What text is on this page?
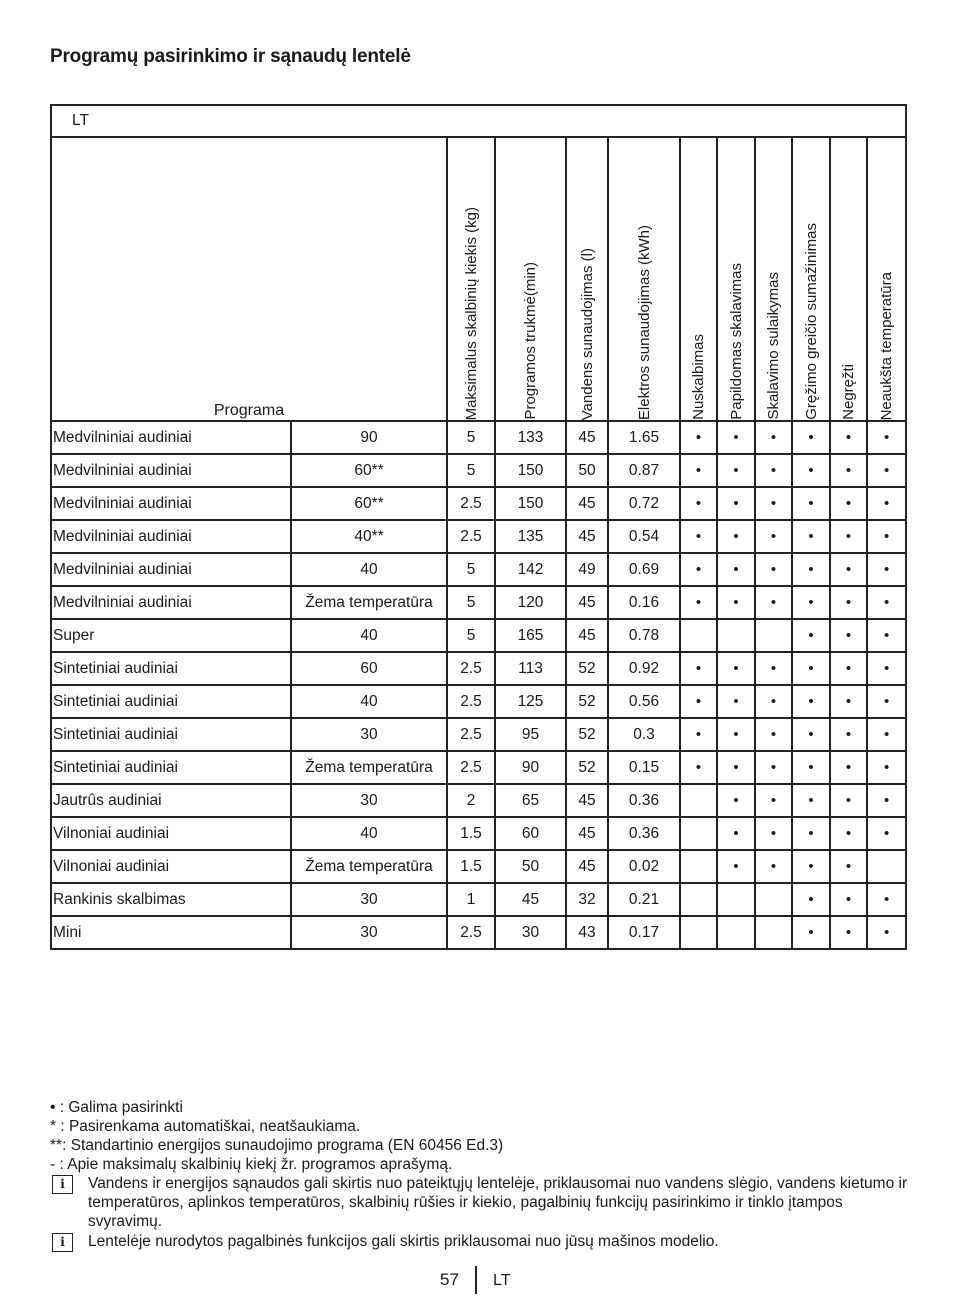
Programų pasirinkimo ir sąnaudų lentelė
LT											
Programa		Maksimalus skalbinių kiekis (kg)	Programos trukmė(min)	Vandens sunaudojimas (l)	Elektros sunaudojimas (kWh)	Nuskalbimas	Papildomas skalavimas	Skalavimo sulaikymas	Gręžimo greičio sumažinimas	Negręžti	Neaukšta temperatūra

Medvilniniai audiniai	90	5	133	45	1.65	•	•	•	•	•	•
Medvilniniai audiniai	60**	5	150	50	0.87	•	•	•	•	•	•
Medvilniniai audiniai	60**	2.5	150	45	0.72	•	•	•	•	•	•
Medvilniniai audiniai	40**	2.5	135	45	0.54	•	•	•	•	•	•
Medvilniniai audiniai	40	5	142	49	0.69	•	•	•	•	•	•
Medvilniniai audiniai	Žema temperatūra	5	120	45	0.16	•	•	•	•	•	•
Super	40	5	165	45	0.78				•	•	•
Sintetiniai audiniai	60	2.5	113	52	0.92	•	•	•	•	•	•
Sintetiniai audiniai	40	2.5	125	52	0.56	•	•	•	•	•	•
Sintetiniai audiniai	30	2.5	95	52	0.3	•	•	•	•	•	•
Sintetiniai audiniai	Žema temperatūra	2.5	90	52	0.15	•	•	•	•	•	•
Jautrûs audiniai	30	2	65	45	0.36		•	•	•	•	•
Vilnoniai audiniai	40	1.5	60	45	0.36		•	•	•	•	•
Vilnoniai audiniai	Žema temperatūra	1.5	50	45	0.02		•	•	•	•	
Rankinis skalbimas	30	1	45	32	0.21				•	•	•
Mini	30	2.5	30	43	0.17				•	•	•

• : Galima pasirinkti

* : Pasirenkama automatiškai, neatšaukiama.

**: Standartinio energijos sunaudojimo programa (EN 60456 Ed.3)

- : Apie maksimalų skalbinių kiekį žr. programos aprašymą.

i	Vandens ir energijos sąnaudos gali skirtis nuo pateiktųjų lentelėje, priklausomai nuo vandens slėgio, vandens kietumo ir temperatūros, aplinkos temperatūros, skalbinių rūšies ir kiekio, pagalbinių funkcijų pasirinkimo ir tinklo įtampos svyravimų.
i	Lentelėje nurodytos pagalbinės funkcijos gali skirtis priklausomai nuo jūsų mašinos modelio.
57 LT
